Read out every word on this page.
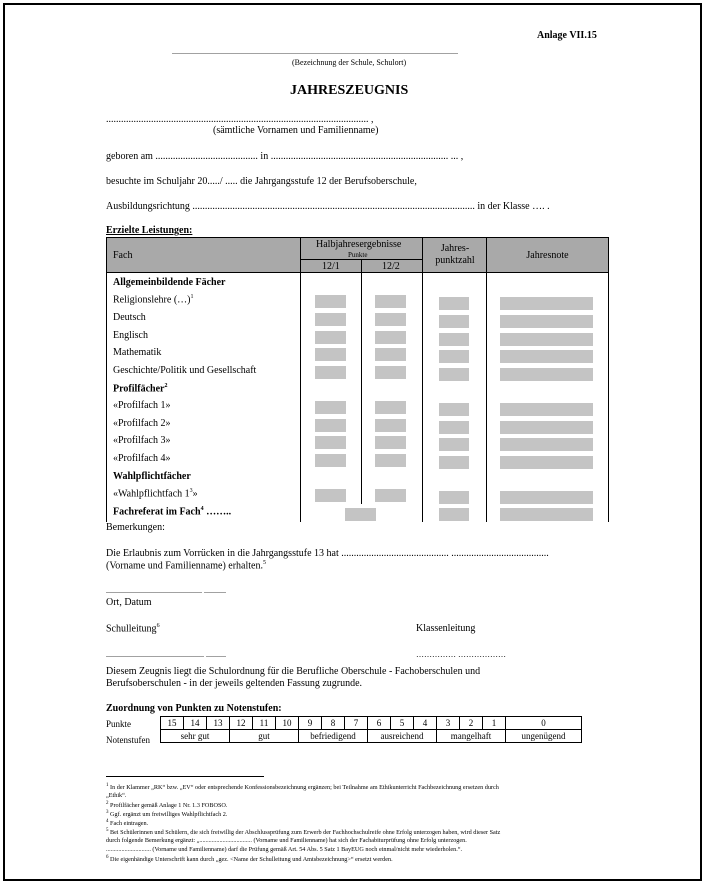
Anlage VII.15
...............................................................................................................................................
(Bezeichnung der Schule, Schulort)
JAHRESZEUGNIS
......................................................................................................... ,
(sämtliche Vornamen und Familienname)
geboren am ......................................... in ....................................................................... ... ,
besuchte im Schuljahr 20...../ ..... die Jahrgangsstufe 12 der Berufsoberschule,
Ausbildungsrichtung ................................................................................................................. in der Klasse …. .
Erzielte Leistungen:
Fach
Halbjahresergebnisse
Punkte
12/1	12/2
Jahres-
punktzahl	Jahresnote
Allgemeinbildende Fächer
Religionslehre (…)$^1$
Deutsch
Englisch
Mathematik
Geschichte/Politik und Gesellschaft
Profilfächer$^2$
«Profilfach 1»
«Profilfach 2»
«Profilfach 3»
«Profilfach 4»
Wahlpflichtfächer
«Wahlpflichtfach $1^3$»
Fachreferat im Fach$^4$ ……..
Bemerkungen:
Die Erlaubnis zum Vorrücken in die Jahrgangsstufe 13 hat ........................................... .......................................
(Vorname und Familienname) erhalten.$^5$
................................................ ...........
Ort, Datum
Schulleitung$^6$	Klassenleitung
................................................. ..........	…………… ………………
Diesem Zeugnis liegt die Schulordnung für die Berufliche Oberschule - Fachoberschulen und
Berufsoberschulen - in der jeweils geltenden Fassung zugrunde.
Zuordnung von Punkten zu Notenstufen:
Punkte
Notenstufen
15	14	13	12	11	10	9	8	7	6	5	4	3	2	1	0
sehr gut			gut			befriedigend			ausreichend			mangelhaft			ungenügend
$^1$ In der Klammer „RK“ bzw. „EV“ oder entsprechende Konfessionsbezeichnung ergänzen; bei Teilnahme am Ethikunterricht Fachbezeichnung ersetzen durch
„Ethik“.
$^2$ Profilfächer gemäß Anlage 1 Nr. 1.3 FOBOSO.
$^3$ Ggf. ergänzt um freiwilliges Wahlpflichtfach 2.
$^4$ Fach eintragen.
$^5$ Bei Schülerinnen und Schülern, die sich freiwillig der Abschlussprüfung zum Erwerb der Fachhochschulreife ohne Erfolg unterzogen haben, wird dieser Satz
durch folgende Bemerkung ergänzt: „.................................. (Vorname und Familienname) hat sich der Fachabiturprüfung ohne Erfolg unterzogen.
............................. (Vorname und Familienname) darf die Prüfung gemäß Art. 54 Abs. 5 Satz 1 BayEUG noch einmal/nicht mehr wiederholen.“.
$^6$ Die eigenhändige Unterschrift kann durch „gez. <Name der Schulleitung und Amtsbezeichnung>“ ersetzt werden.
